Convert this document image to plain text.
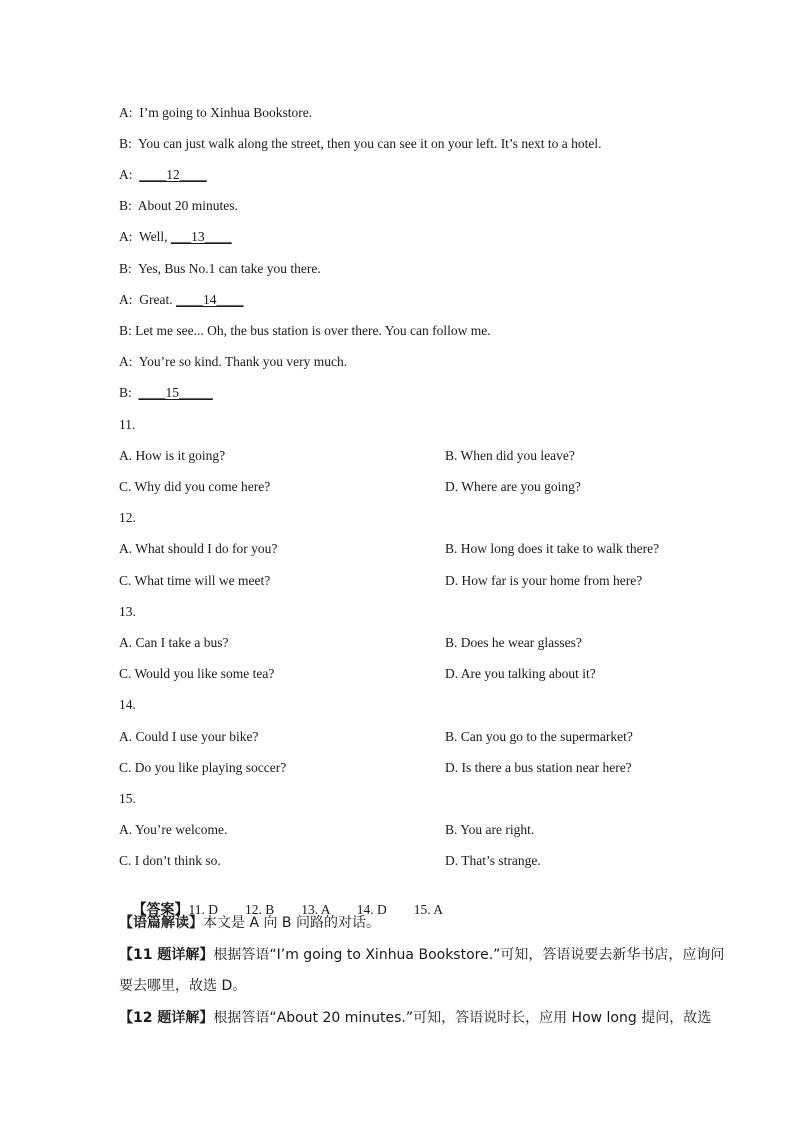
A: I’m going to Xinhua Bookstore.
B: You can just walk along the street, then you can see it on your left. It’s next to a hotel.
A: ____12____
B: About 20 minutes.
A: Well, ___13____
B: Yes, Bus No.1 can take you there.
A: Great. ____14____
B: Let me see... Oh, the bus station is over there. You can follow me.
A: You’re so kind. Thank you very much.
B: ____15_____
11.
A. How is it going?	B. When did you leave?
C. Why did you come here?	D. Where are you going?
12.
A. What should I do for you?	B. How long does it take to walk there?
C. What time will we meet?	D. How far is your home from here?
13.
A. Can I take a bus?	B. Does he wear glasses?
C. Would you like some tea?	D. Are you talking about it?
14.
A. Could I use your bike?	B. Can you go to the supermarket?
C. Do you like playing soccer?	D. Is there a bus station near here?
15.
A. You’re welcome.	B. You are right.
C. I don’t think so.	D. That’s strange.

【答案】11. D 12. B 13. A 14. D 15. A

【语篇解读】本文是 A 向 B 问路的对话。
【11 题详解】根据答语“I’m going to Xinhua Bookstore.”可知，答语说要去新华书店，应询问
要去哪里，故选 D。
【12 题详解】根据答语“About 20 minutes.”可知，答语说时长，应用 How long 提问，故选
